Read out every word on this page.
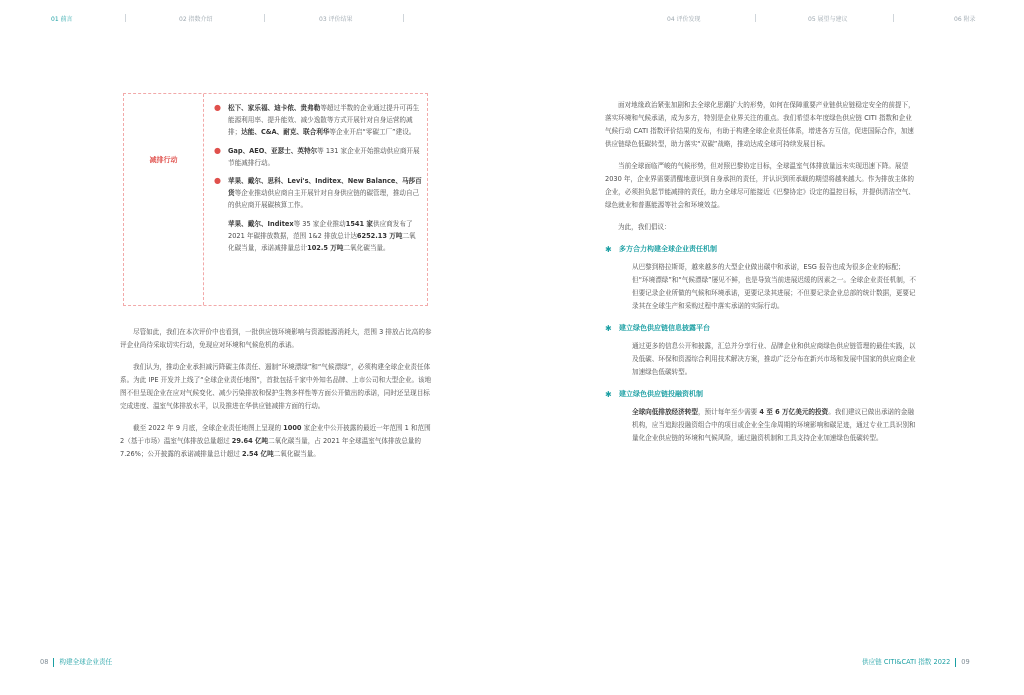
01 前言	02 指数介绍	03 评价结果	04 评价发现	05 展望与建议	06 附录
减排行动
● 松下、家乐福、迪卡侬、贵弗勒等超过半数的企业通过提升可再生能源利用率、提升能效、减少逸散等方式开展针对自身运营的减排；达能、C&A、耐克、联合利华等企业开启“零碳工厂”建设。
● Gap、AEO、亚瑟士、英特尔等 131 家企业开始推动供应商开展节能减排行动。
● 苹果、戴尔、思科、Levi's、Inditex、New Balance、马莎百货等企业推动供应商自主开展针对自身供应链的碳管理，推动自己的供应商开展碳核算工作。
苹果、戴尔、Inditex等 35 家企业推动1541 家供应商发布了 2021 年碳排放数据，范围 1&2 排放总计达6252.13 万吨二氧化碳当量，承诺减排量总计102.5 万吨二氧化碳当量。

尽管如此，我们在本次评价中也看到，一批供应链环境影响与资源能源消耗大，范围 3 排放占比高的参评企业尚待采取切实行动，免现应对环境和气候危机的承诺。

我们认为，推动企业承担减污降碳主体责任、遏制“环境漂绿”和“气候漂绿”，必须构建全球企业责任体系。为此 IPE 开发并上线了“全球企业责任地图”，首批包括千家中外知名品牌、上市公司和大型企业。该地图不但呈现企业在应对气候变化、减少污染排放和保护生物多样性等方面公开做出的承诺，同时还呈现目标完成进度、温室气体排放水平，以及推进在华供应链减排方面的行动。

截至 2022 年 9 月底，全球企业责任地图上呈现的 1000 家企业中公开披露的最近一年范围 1 和范围 2（基于市场）温室气体排放总量超过 29.64 亿吨二氧化碳当量，占 2021 年全球温室气体排放总量的 7.26%；公开披露的承诺减排量总计超过 2.54 亿吨二氧化碳当量。

面对地缘政治紧张加剧和去全球化思潮扩大的形势，如何在保障重要产业链供应链稳定安全的前提下，落实环境和气候承诺，成为多方，特别是企业界关注的重点。我们希望本年度绿色供应链 CITI 指数和企业气候行动 CATI 指数评价结果的发布，有助于构建全球企业责任体系，增进各方互信，促进国际合作，加速供应链绿色低碳转型，助力落实“双碳”战略，推动达成全球可持续发展目标。

当前全球面临严峻的气候形势，但对照巴黎协定目标，全球温室气体排放量远未实现迅速下降。展望 2030 年，企业界需要清醒地意识到自身承担的责任，并认识到所承载的期望将越来越大。作为排放主体的企业，必须担负起节能减排的责任，助力全球尽可能接近《巴黎协定》设定的温控目标，并提供清洁空气、绿色就业和普惠能源等社会和环境效益。

为此，我们倡议：

✱	多方合力构建全球企业责任机制
从巴黎到格拉斯哥，越来越多的大型企业做出碳中和承诺，ESG 报告也成为很多企业的标配；但“环境漂绿”和“气候漂绿”屡见不鲜，也是导致当前进展迟缓的因素之一。全球企业责任机制，不但要记录企业所做的气候和环境承诺，更要记录其进展；不但要记录企业总部的统计数据，更要记录其在全球生产和采购过程中落实承诺的实际行动。
✱	建立绿色供应链信息披露平台
通过更多的信息公开和披露，汇总并分享行业、品牌企业和供应商绿色供应链管理的最佳实践，以及低碳、环保和资源综合利用技术解决方案，推动广泛分布在新兴市场和发展中国家的供应商企业加速绿色低碳转型。
✱	建立绿色供应链投融资机制
全球向低排放经济转型，预计每年至少需要 4 至 6 万亿美元的投资。我们建议已做出承诺的金融机构，应当追踪投融资组合中的项目或企业全生命周期的环境影响和碳足迹，通过专业工具识别和量化企业供应链的环境和气候风险，通过融资机制和工具支持企业加速绿色低碳转型。
08 构建全球企业责任	供应链 CITI&CATI 指数 2022 09
